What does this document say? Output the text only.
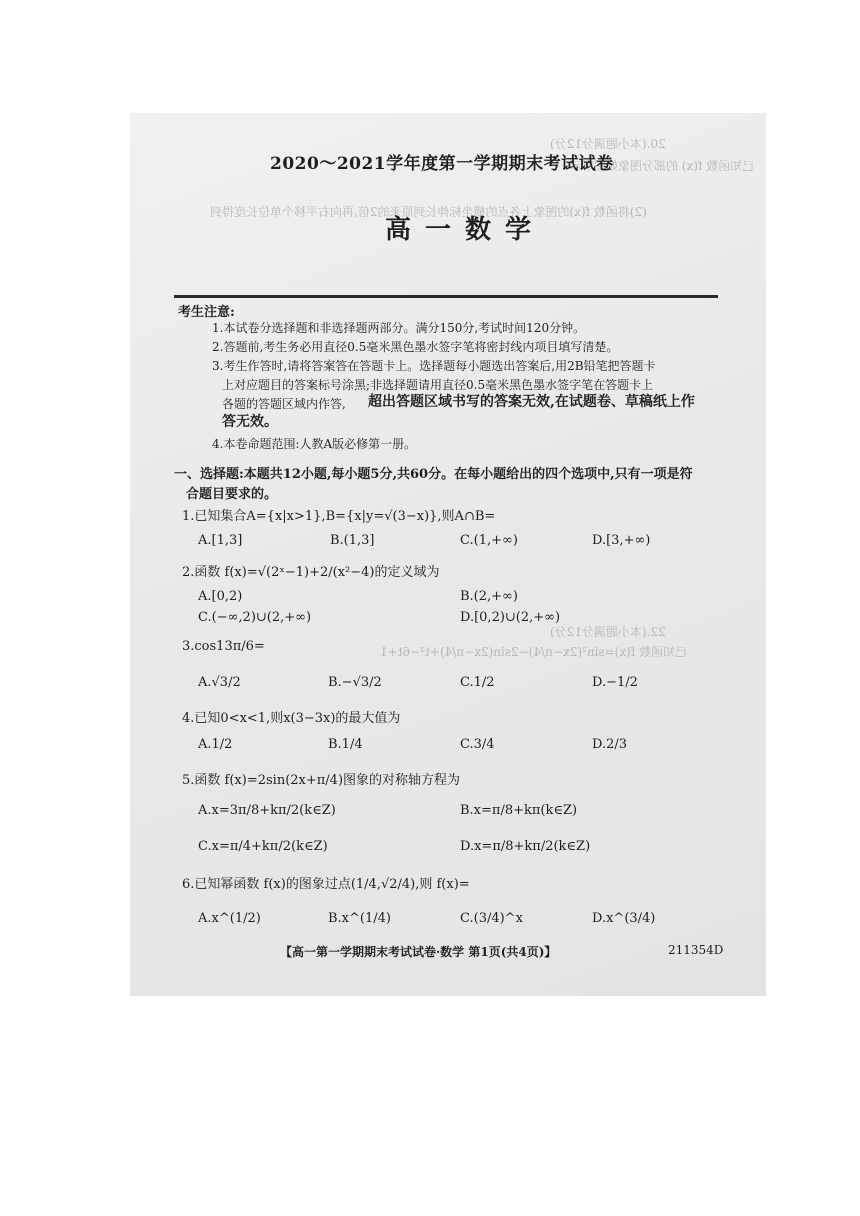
20.(本小题满分12分)
已知函数 f(x) 的部分图象如图所示
(2)将函数 f(x)的图象上各点的横坐标伸长到原来的2倍,再向右平移个单位长度得到
22.(本小题满分12分)
已知函数 f(x)=sin²(2x−π/4)−2sin(2x−π/4)+t²−6t+1
2020～2021学年度第一学期期末考试试卷
高一数学
考生注意:
1.本试卷分选择题和非选择题两部分。满分150分,考试时间120分钟。
2.答题前,考生务必用直径0.5毫米黑色墨水签字笔将密封线内项目填写清楚。
3.考生作答时,请将答案答在答题卡上。选择题每小题选出答案后,用2B铅笔把答题卡
上对应题目的答案标号涂黑;非选择题请用直径0.5毫米黑色墨水签字笔在答题卡上
各题的答题区域内作答, 超出答题区域书写的答案无效,在试题卷、草稿纸上作
答无效。
4.本卷命题范围:人教A版必修第一册。
一、选择题:本题共12小题,每小题5分,共60分。在每小题给出的四个选项中,只有一项是符
合题目要求的。
1.已知集合A={x|x>1},B={x|y=√(3−x)},则A∩B=
A.[1,3]	B.(1,3]	C.(1,+∞)	D.[3,+∞)
2.函数 f(x)=√(2ˣ−1)+2/(x²−4)的定义域为
A.[0,2)	B.(2,+∞)
C.(−∞,2)∪(2,+∞)	D.[0,2)∪(2,+∞)
3.cos13π/6=
A.√3/2	B.−√3/2	C.1/2	D.−1/2
4.已知0<x<1,则x(3−3x)的最大值为
A.1/2	B.1/4	C.3/4	D.2/3
5.函数 f(x)=2sin(2x+π/4)图象的对称轴方程为
A.x=3π/8+kπ/2(k∈Z)	B.x=π/8+kπ(k∈Z)
C.x=π/4+kπ/2(k∈Z)	D.x=π/8+kπ/2(k∈Z)
6.已知幂函数 f(x)的图象过点(1/4,√2/4),则 f(x)=
A.x^(1/2)	B.x^(1/4)	C.(3/4)^x	D.x^(3/4)
【高一第一学期期末考试试卷·数学 第1页(共4页)】	211354D
